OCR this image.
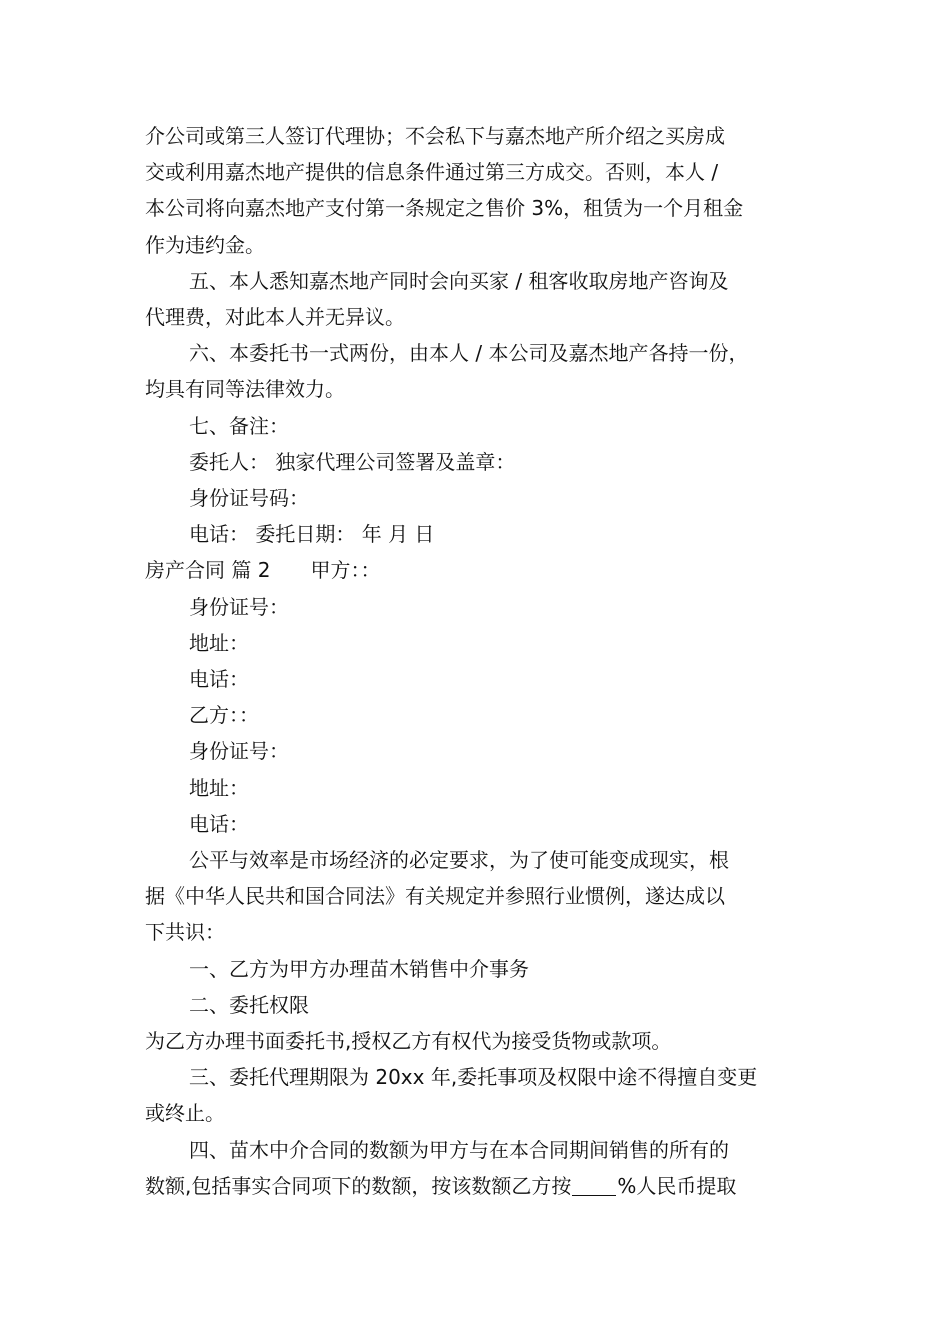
介公司或第三人签订代理协；不会私下与嘉杰地产所介绍之买房成

交或利用嘉杰地产提供的信息条件通过第三方成交。否则，本人 /

本公司将向嘉杰地产支付第一条规定之售价 3%，租赁为一个月租金

作为违约金。

五、本人悉知嘉杰地产同时会向买家 / 租客收取房地产咨询及

代理费，对此本人并无异议。

六、本委托书一式两份，由本人 / 本公司及嘉杰地产各持一份，

均具有同等法律效力。

七、备注：

委托人： 独家代理公司签署及盖章：

身份证号码：

电话： 委托日期： 年 月 日

房产合同 篇 2 甲方：：

身份证号：

地址：

电话：

乙方：：

身份证号：

地址：

电话：

公平与效率是市场经济的必定要求，为了使可能变成现实，根

据《中华人民共和国合同法》有关规定并参照行业惯例，遂达成以

下共识：

一、乙方为甲方办理苗木销售中介事务

二、委托权限

为乙方办理书面委托书,授权乙方有权代为接受货物或款项。

三、委托代理期限为 20xx 年,委托事项及权限中途不得擅自变更

或终止。

四、苗木中介合同的数额为甲方与在本合同期间销售的所有的

数额,包括事实合同项下的数额，按该数额乙方按 %人民币提取
